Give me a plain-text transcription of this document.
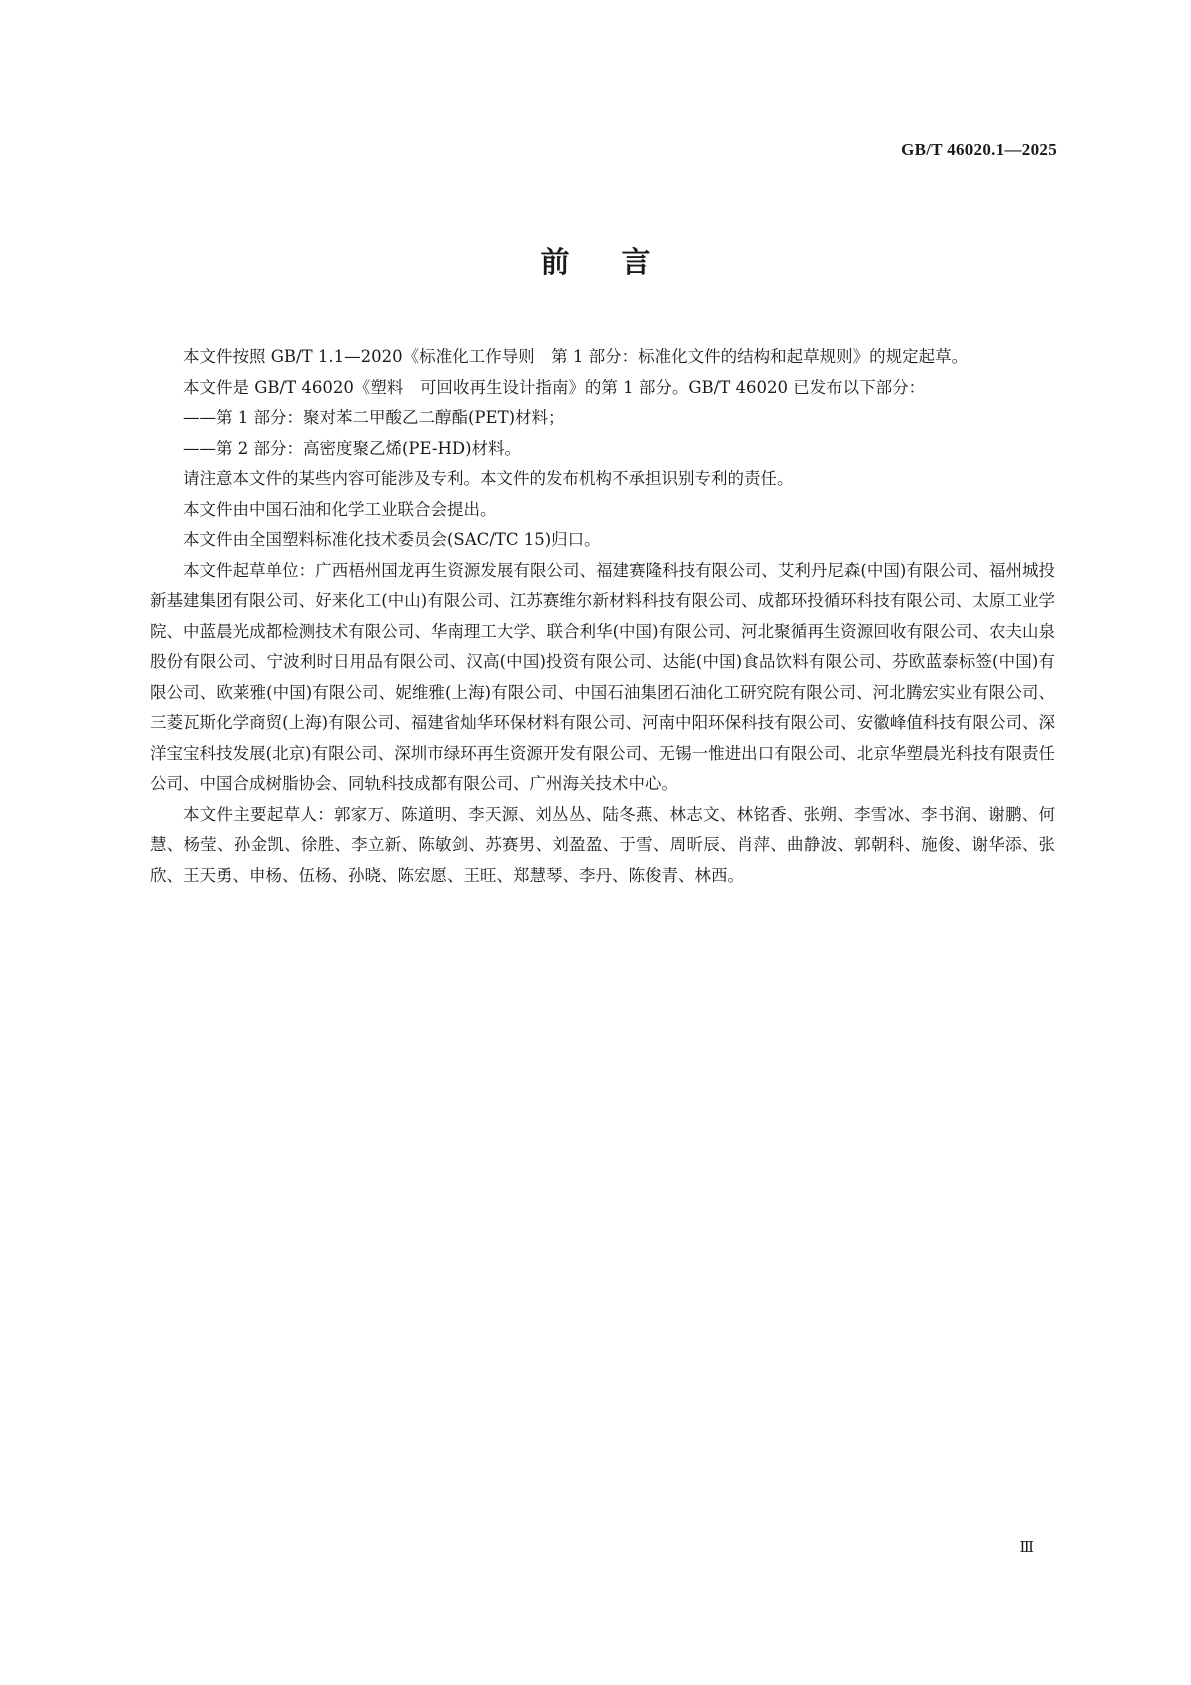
GB/T 46020.1—2025

前言

本文件按照 GB/T 1.1—2020《标准化工作导则　第 1 部分：标准化文件的结构和起草规则》的规定起草。

本文件是 GB/T 46020《塑料　可回收再生设计指南》的第 1 部分。GB/T 46020 已发布以下部分：

——第 1 部分：聚对苯二甲酸乙二醇酯(PET)材料；

——第 2 部分：高密度聚乙烯(PE-HD)材料。

请注意本文件的某些内容可能涉及专利。本文件的发布机构不承担识别专利的责任。

本文件由中国石油和化学工业联合会提出。

本文件由全国塑料标准化技术委员会(SAC/TC 15)归口。

本文件起草单位：广西梧州国龙再生资源发展有限公司、福建赛隆科技有限公司、艾利丹尼森(中国)有限公司、福州城投新基建集团有限公司、好来化工(中山)有限公司、江苏赛维尔新材料科技有限公司、成都环投循环科技有限公司、太原工业学院、中蓝晨光成都检测技术有限公司、华南理工大学、联合利华(中国)有限公司、河北聚循再生资源回收有限公司、农夫山泉股份有限公司、宁波利时日用品有限公司、汉高(中国)投资有限公司、达能(中国)食品饮料有限公司、芬欧蓝泰标签(中国)有限公司、欧莱雅(中国)有限公司、妮维雅(上海)有限公司、中国石油集团石油化工研究院有限公司、河北腾宏实业有限公司、三菱瓦斯化学商贸(上海)有限公司、福建省灿华环保材料有限公司、河南中阳环保科技有限公司、安徽峰值科技有限公司、深洋宝宝科技发展(北京)有限公司、深圳市绿环再生资源开发有限公司、无锡一惟进出口有限公司、北京华塑晨光科技有限责任公司、中国合成树脂协会、同轨科技成都有限公司、广州海关技术中心。

本文件主要起草人：郭家万、陈道明、李天源、刘丛丛、陆冬燕、林志文、林铭香、张朔、李雪冰、李书润、谢鹏、何慧、杨莹、孙金凯、徐胜、李立新、陈敏剑、苏赛男、刘盈盈、于雪、周昕辰、肖萍、曲静波、郭朝科、施俊、谢华添、张欣、王天勇、申杨、伍杨、孙晓、陈宏愿、王旺、郑慧琴、李丹、陈俊青、林西。

Ⅲ
